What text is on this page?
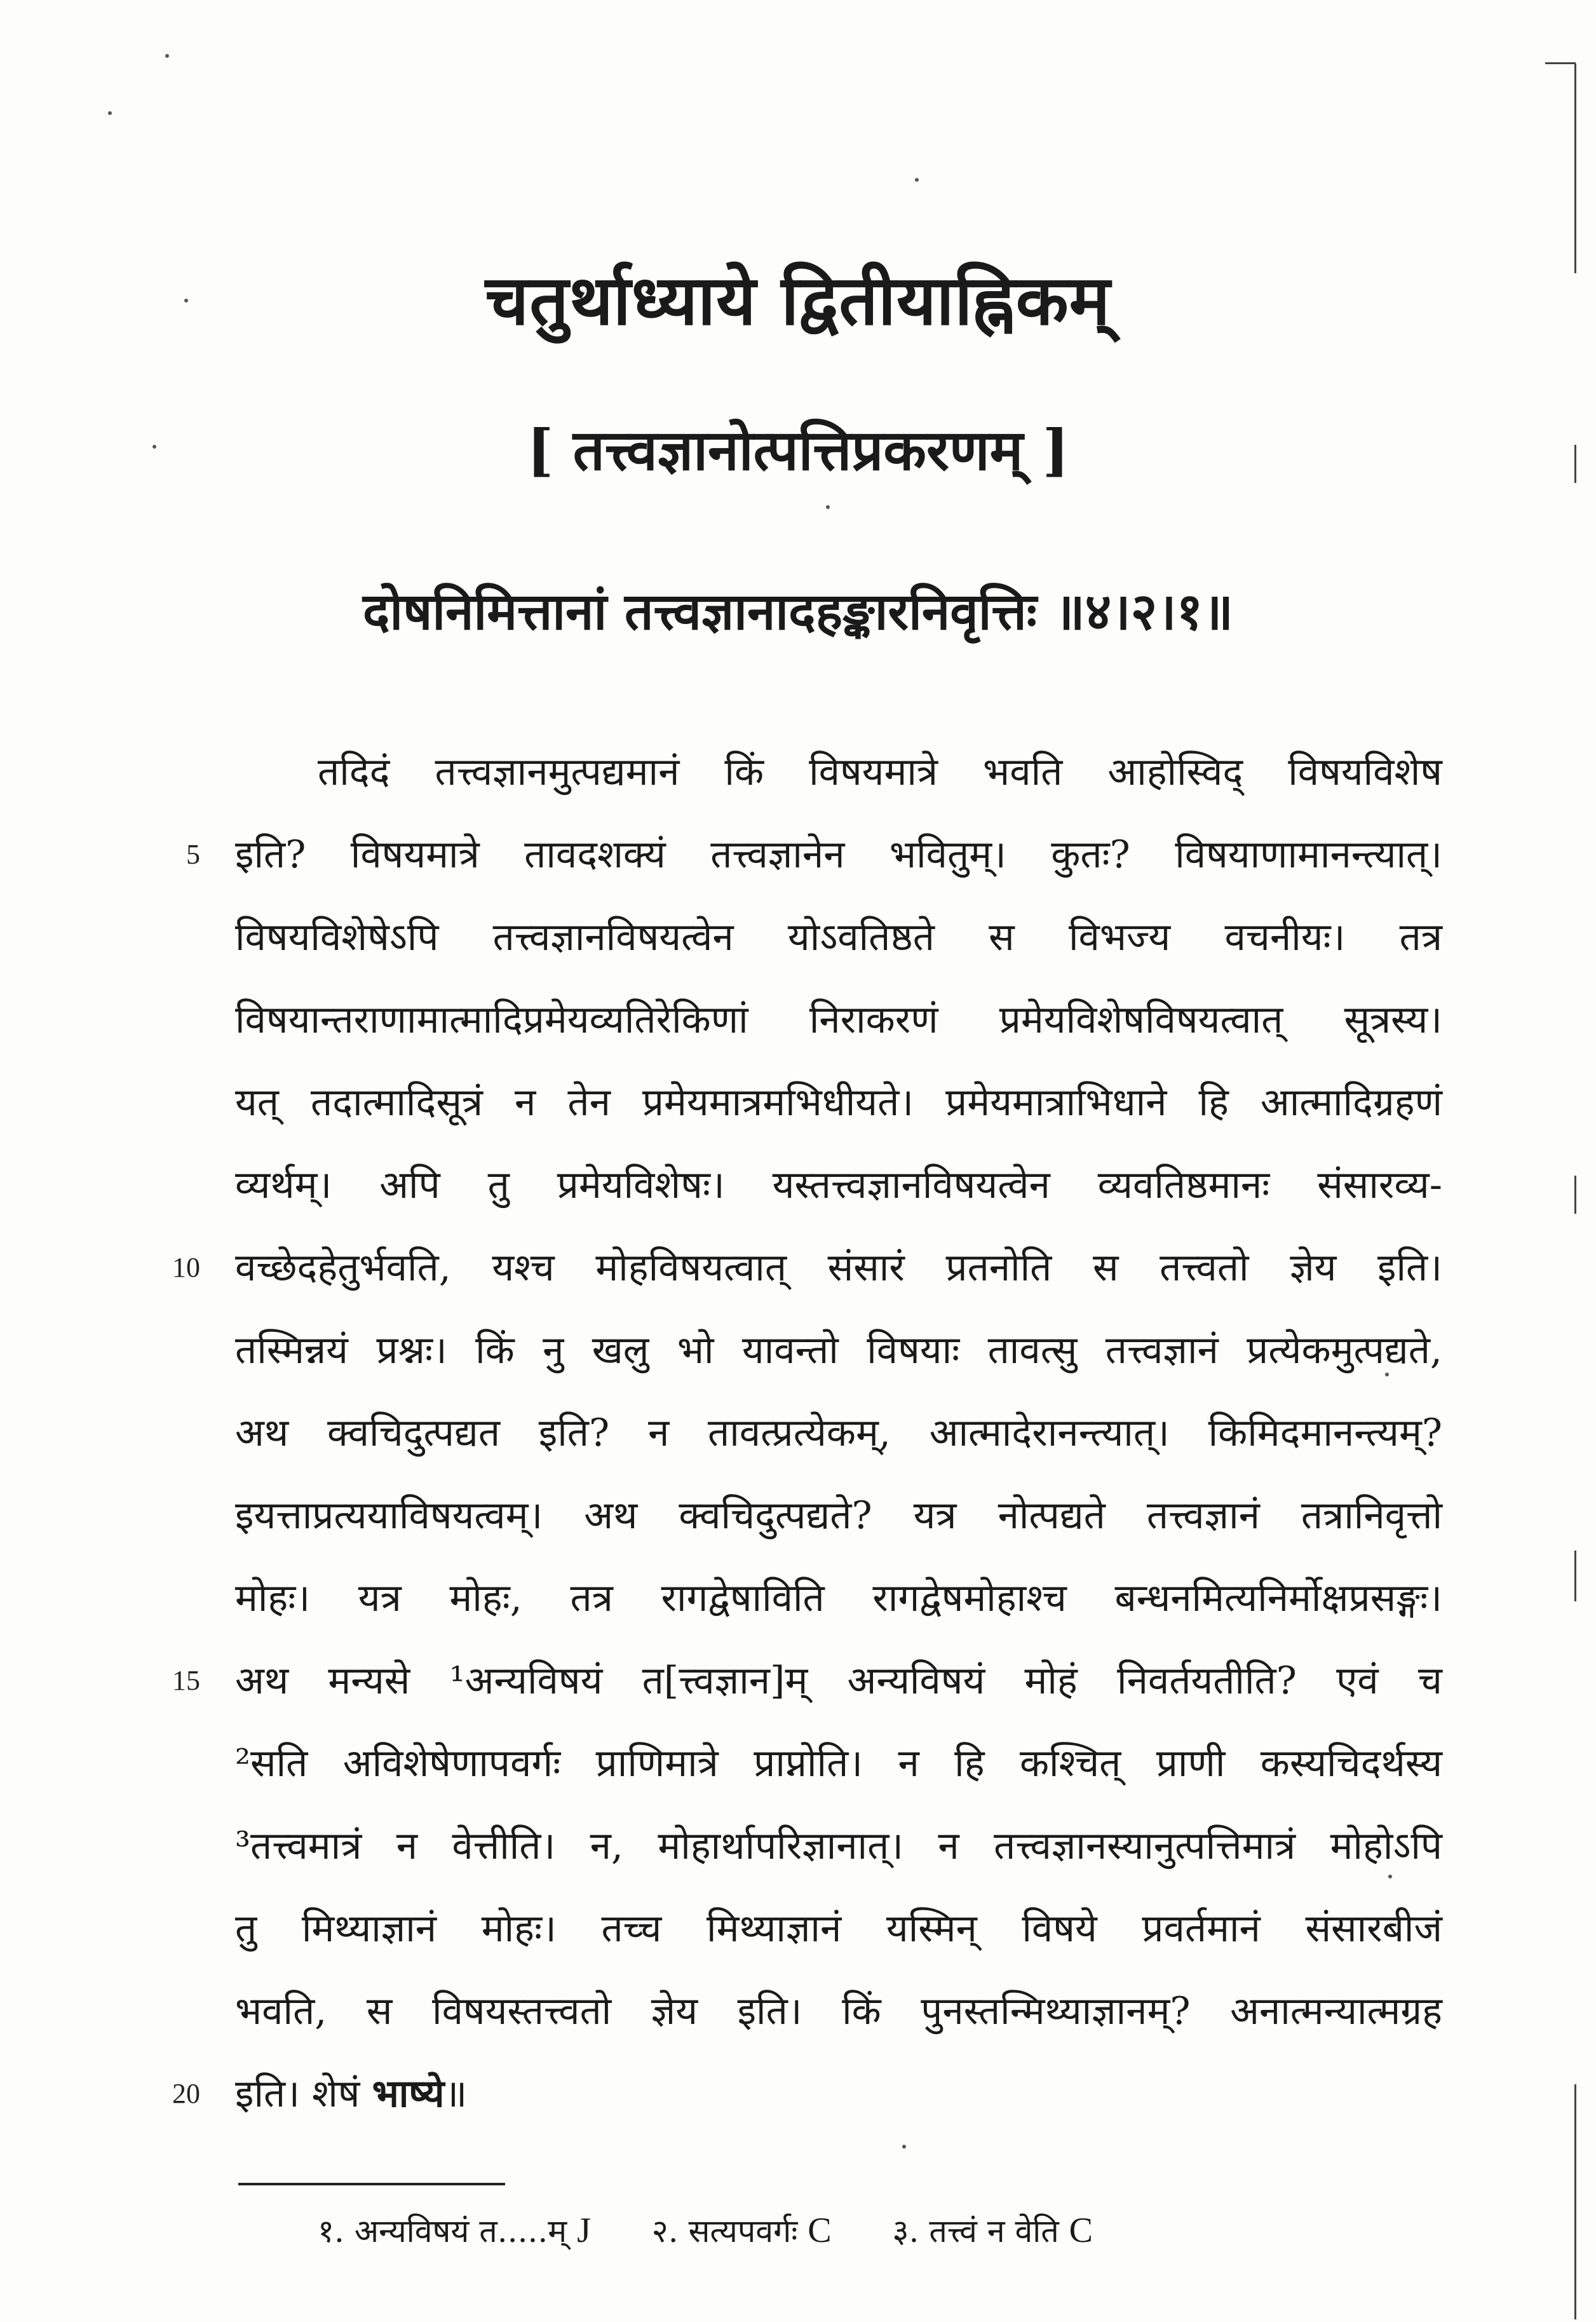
चतुर्थाध्याये द्वितीयाह्निकम्
[ तत्त्वज्ञानोत्पत्तिप्रकरणम् ]
दोषनिमित्तानां तत्त्वज्ञानादहङ्कारनिवृत्तिः ॥४।२।१॥
तदिदं तत्त्वज्ञानमुत्पद्यमानं किं विषयमात्रे भवति आहोस्विद् विषयविशेष
5 इति? विषयमात्रे तावदशक्यं तत्त्वज्ञानेन भवितुम्। कुतः? विषयाणामानन्त्यात्।
विषयविशेषेऽपि तत्त्वज्ञानविषयत्वेन योऽवतिष्ठते स विभज्य वचनीयः। तत्र
विषयान्तराणामात्मादिप्रमेयव्यतिरेकिणां निराकरणं प्रमेयविशेषविषयत्वात् सूत्रस्य।
यत् तदात्मादिसूत्रं न तेन प्रमेयमात्रमभिधीयते। प्रमेयमात्राभिधाने हि आत्मादिग्रहणं
व्यर्थम्। अपि तु प्रमेयविशेषः। यस्तत्त्वज्ञानविषयत्वेन व्यवतिष्ठमानः संसारव्य-
10 वच्छेदहेतुर्भवति, यश्च मोहविषयत्वात् संसारं प्रतनोति स तत्त्वतो ज्ञेय इति।
तस्मिन्नयं प्रश्नः। किं नु खलु भो यावन्तो विषयाः तावत्सु तत्त्वज्ञानं प्रत्येकमुत्पद्यते,
अथ क्वचिदुत्पद्यत इति? न तावत्प्रत्येकम्, आत्मादेरानन्त्यात्। किमिदमानन्त्यम्?
इयत्ताप्रत्ययाविषयत्वम्। अथ क्वचिदुत्पद्यते? यत्र नोत्पद्यते तत्त्वज्ञानं तत्रानिवृत्तो
मोहः। यत्र मोहः, तत्र रागद्वेषाविति रागद्वेषमोहाश्च बन्धनमित्यनिर्मोक्षप्रसङ्गः।
15 अथ मन्यसे ¹अन्यविषयं त[त्त्वज्ञान]म् अन्यविषयं मोहं निवर्तयतीति? एवं च
²सति अविशेषेणापवर्गः प्राणिमात्रे प्राप्नोति। न हि कश्चित् प्राणी कस्यचिदर्थस्य
³तत्त्वमात्रं न वेत्तीति। न, मोहार्थापरिज्ञानात्। न तत्त्वज्ञानस्यानुत्पत्तिमात्रं मोहोऽपि
तु मिथ्याज्ञानं मोहः। तच्च मिथ्याज्ञानं यस्मिन् विषये प्रवर्तमानं संसारबीजं
भवति, स विषयस्तत्त्वतो ज्ञेय इति। किं पुनस्तन्मिथ्याज्ञानम्? अनात्मन्यात्मग्रह
20 इति। शेषं भाष्ये॥
१. अन्यविषयं त.....म् J २. सत्यपवर्गः C ३. तत्त्वं न वेति C
